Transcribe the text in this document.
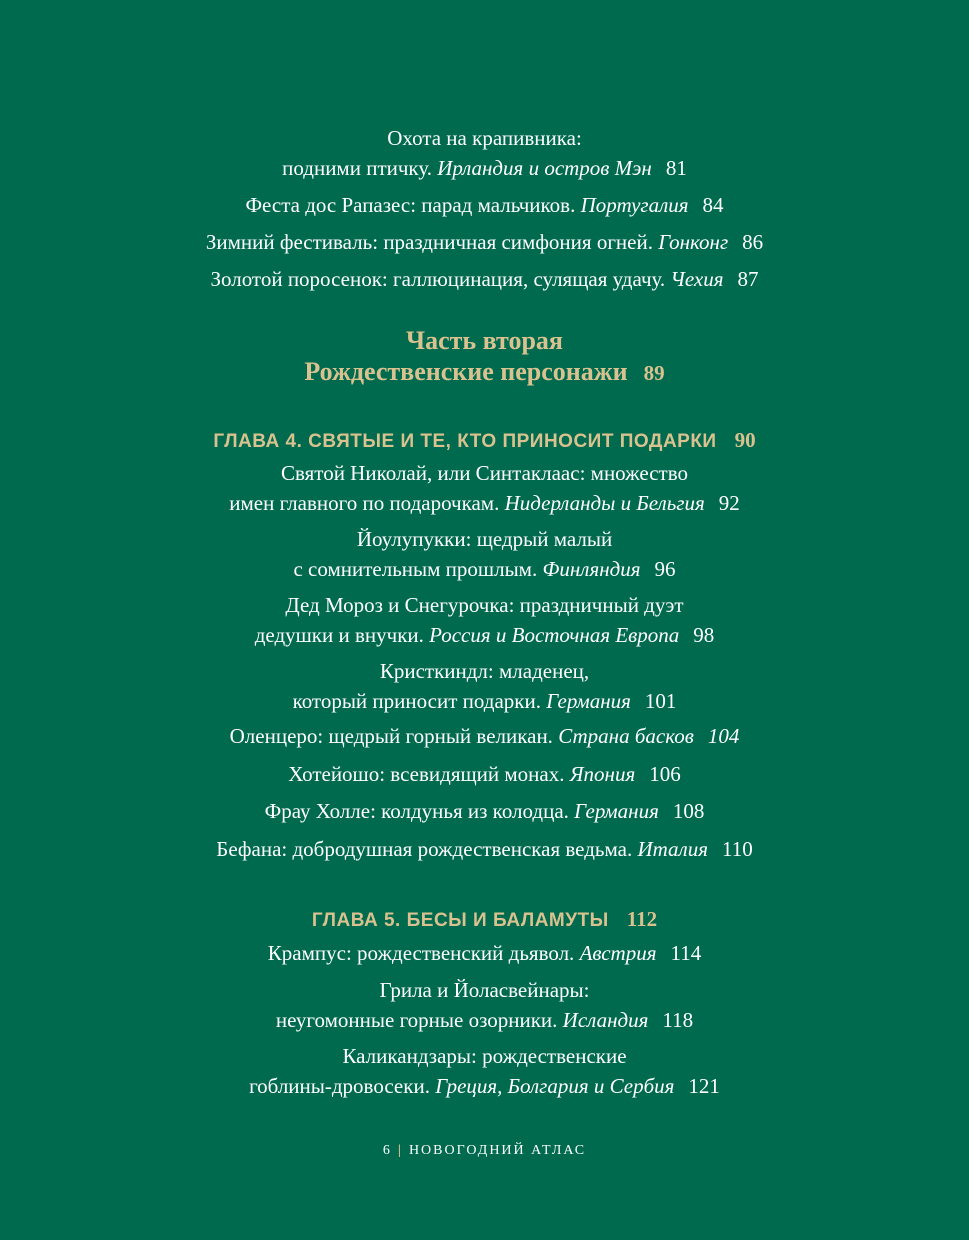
Охота на крапивника:
подними птичку. Ирландия и остров Мэн 81
Феста дос Рапазес: парад мальчиков. Португалия 84
Зимний фестиваль: праздничная симфония огней. Гонконг 86
Золотой поросенок: галлюцинация, сулящая удачу. Чехия 87
Часть вторая
Рождественские персонажи 89
ГЛАВА 4. СВЯТЫЕ И ТЕ, КТО ПРИНОСИТ ПОДАРКИ 90
Святой Николай, или Синтаклаас: множество
имен главного по подарочкам. Нидерланды и Бельгия 92
Йоулупукки: щедрый малый
с сомнительным прошлым. Финляндия 96
Дед Мороз и Снегурочка: праздничный дуэт
дедушки и внучки. Россия и Восточная Европа 98
Кристкиндл: младенец,
который приносит подарки. Германия 101
Оленцеро: щедрый горный великан. Страна басков 104
Хотейошо: всевидящий монах. Япония 106
Фрау Холле: колдунья из колодца. Германия 108
Бефана: добродушная рождественская ведьма. Италия 110
ГЛАВА 5. БЕСЫ И БАЛАМУТЫ 112
Крампус: рождественский дьявол. Австрия 114
Грила и Йоласвейнары:
неугомонные горные озорники. Исландия 118
Каликандзары: рождественские
гоблины-дровосеки. Греция, Болгария и Сербия 121
6 | НОВОГОДНИЙ АТЛАС
